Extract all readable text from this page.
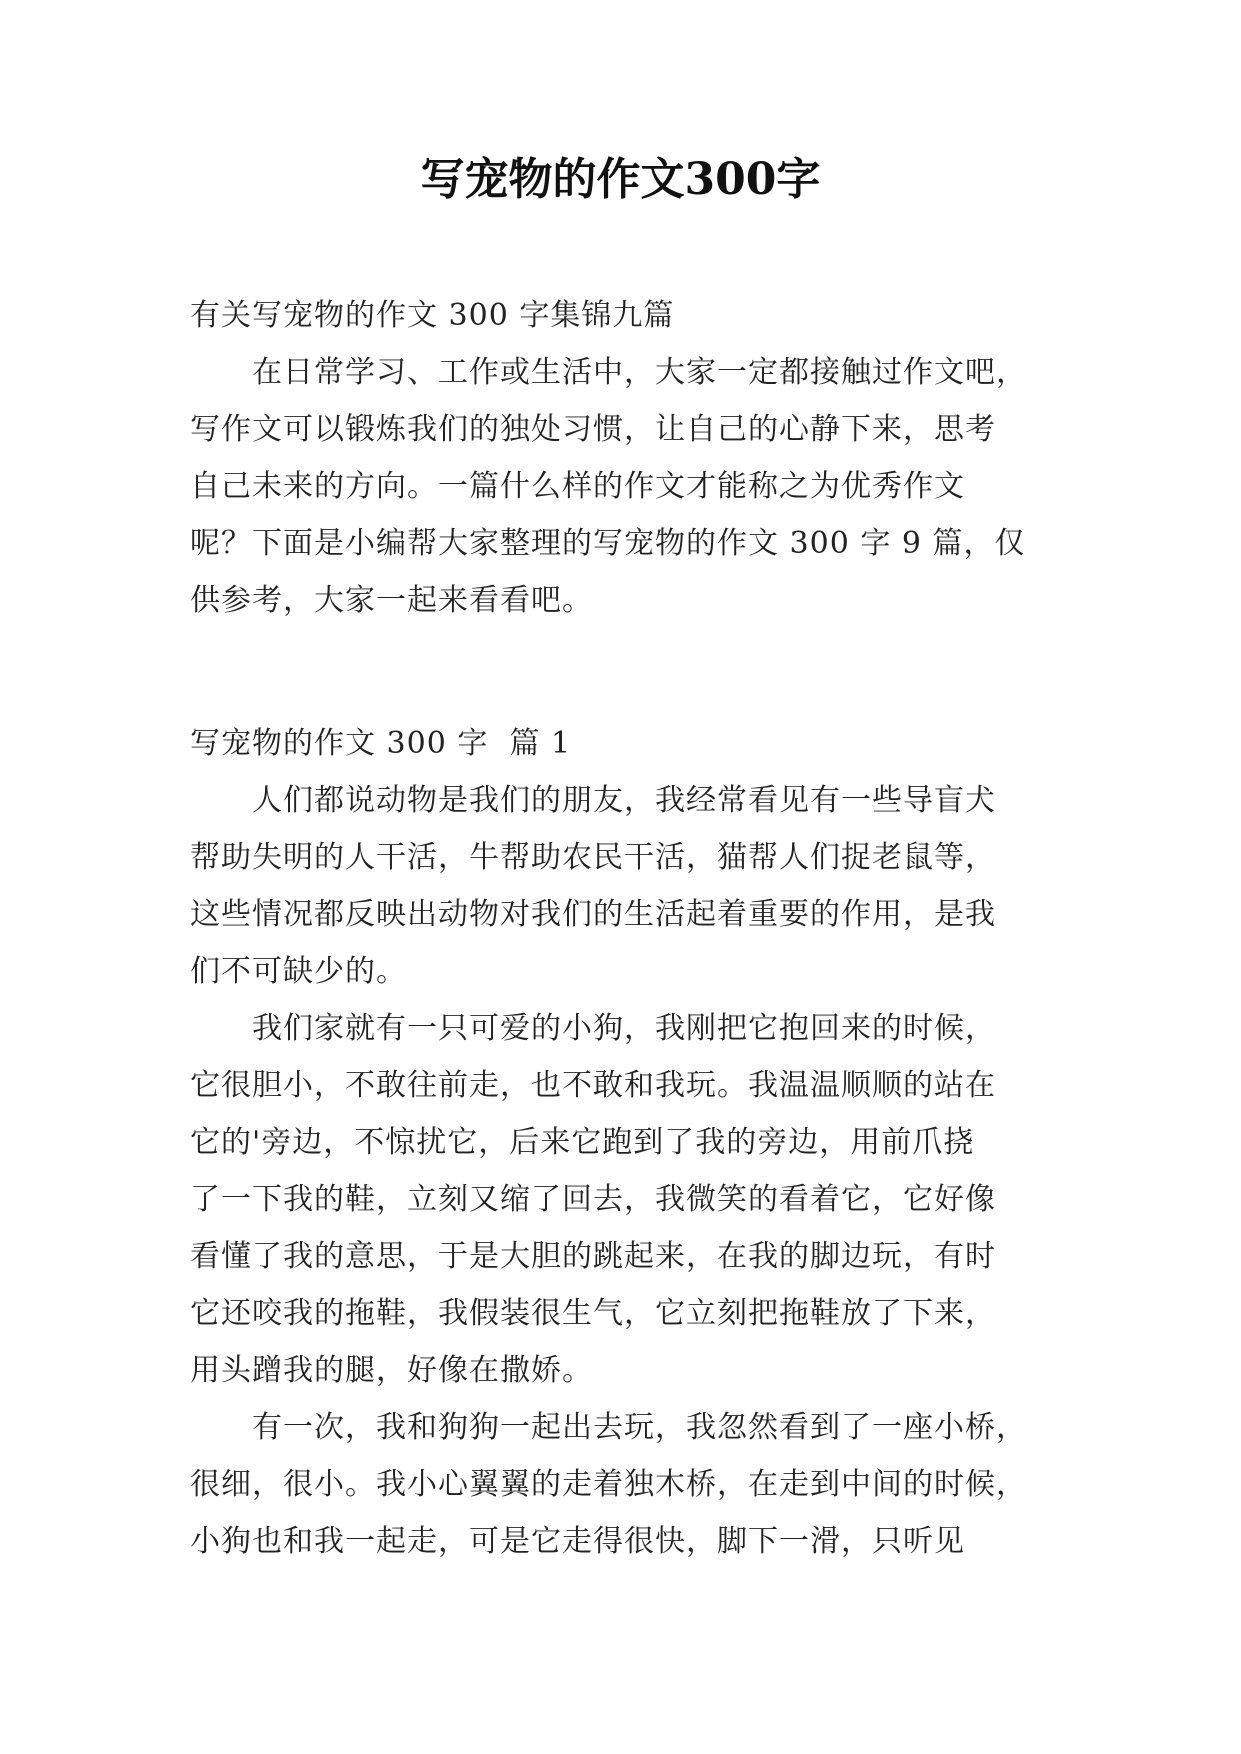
写宠物的作文300字

有关写宠物的作文 300 字集锦九篇

　　在日常学习、工作或生活中，大家一定都接触过作文吧，

写作文可以锻炼我们的独处习惯，让自己的心静下来，思考

自己未来的方向。一篇什么样的作文才能称之为优秀作文

呢？下面是小编帮大家整理的写宠物的作文 300 字 9 篇，仅

供参考，大家一起来看看吧。

写宠物的作文 300 字  篇 1

　　人们都说动物是我们的朋友，我经常看见有一些导盲犬

帮助失明的人干活，牛帮助农民干活，猫帮人们捉老鼠等，

这些情况都反映出动物对我们的生活起着重要的作用，是我

们不可缺少的。

　　我们家就有一只可爱的小狗，我刚把它抱回来的时候，

它很胆小，不敢往前走，也不敢和我玩。我温温顺顺的站在

它的'旁边，不惊扰它，后来它跑到了我的旁边，用前爪挠

了一下我的鞋，立刻又缩了回去，我微笑的看着它，它好像

看懂了我的意思，于是大胆的跳起来，在我的脚边玩，有时

它还咬我的拖鞋，我假装很生气，它立刻把拖鞋放了下来，

用头蹭我的腿，好像在撒娇。

　　有一次，我和狗狗一起出去玩，我忽然看到了一座小桥，

很细，很小。我小心翼翼的走着独木桥，在走到中间的时候，

小狗也和我一起走，可是它走得很快，脚下一滑，只听见
